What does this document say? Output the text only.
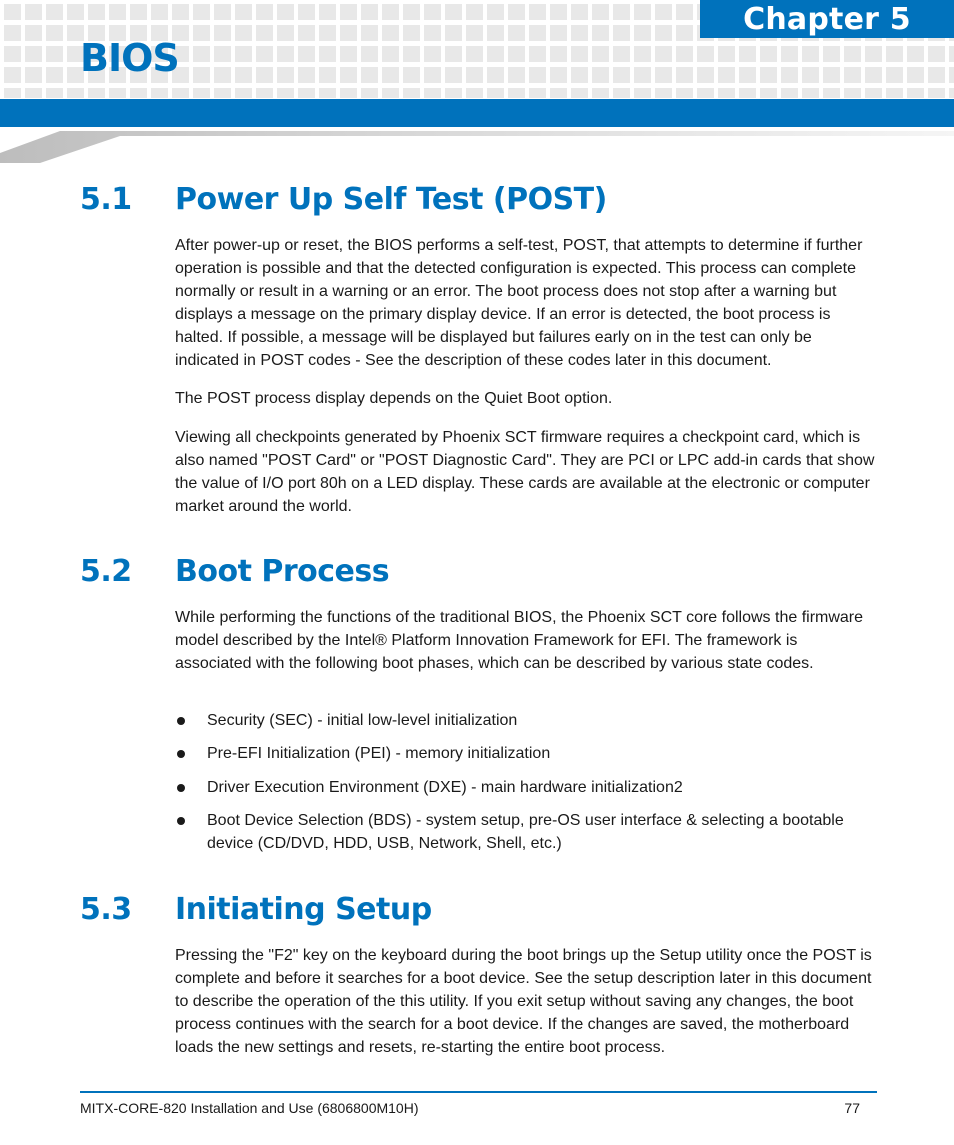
Chapter 5
BIOS
5.1 Power Up Self Test (POST)

After power-up or reset, the BIOS performs a self-test, POST, that attempts to determine if further operation is possible and that the detected configuration is expected. This process can complete normally or result in a warning or an error. The boot process does not stop after a warning but displays a message on the primary display device. If an error is detected, the boot process is halted. If possible, a message will be displayed but failures early on in the test can only be indicated in POST codes - See the description of these codes later in this document.

The POST process display depends on the Quiet Boot option.

Viewing all checkpoints generated by Phoenix SCT firmware requires a checkpoint card, which is also named "POST Card" or "POST Diagnostic Card". They are PCI or LPC add-in cards that show the value of I/O port 80h on a LED display. These cards are available at the electronic or computer market around the world.

5.2 Boot Process

While performing the functions of the traditional BIOS, the Phoenix SCT core follows the firmware model described by the Intel® Platform Innovation Framework for EFI. The framework is associated with the following boot phases, which can be described by various state codes.

Security (SEC) - initial low-level initialization
Pre-EFI Initialization (PEI) - memory initialization
Driver Execution Environment (DXE) - main hardware initialization2
Boot Device Selection (BDS) - system setup, pre-OS user interface & selecting a bootable device (CD/DVD, HDD, USB, Network, Shell, etc.)
5.3 Initiating Setup

Pressing the "F2" key on the keyboard during the boot brings up the Setup utility once the POST is complete and before it searches for a boot device. See the setup description later in this document to describe the operation of the this utility. If you exit setup without saving any changes, the boot process continues with the search for a boot device. If the changes are saved, the motherboard loads the new settings and resets, re-starting the entire boot process.

MITX-CORE-820 Installation and Use (6806800M10H)	77
